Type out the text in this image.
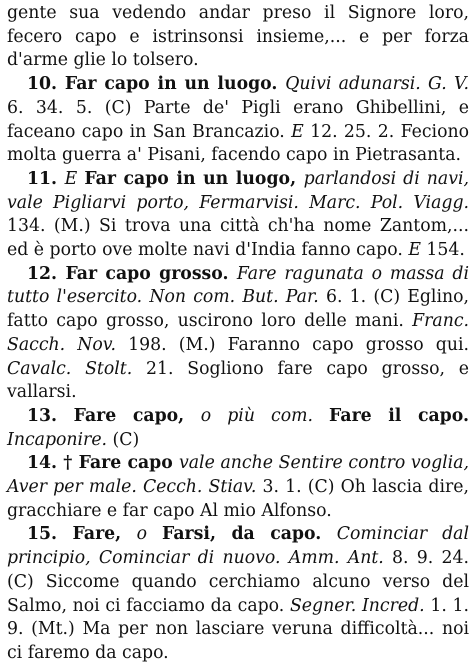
gente sua vedendo andar preso il Signore loro, fecero capo e istrinsonsi insieme,... e per forza d'arme glie lo tolsero.

10. Far capo in un luogo. Quivi adunarsi. G. V. 6. 34. 5. (C) Parte de' Pigli erano Ghibellini, e faceano capo in San Brancazio. E 12. 25. 2. Feciono molta guerra a' Pisani, facendo capo in Pietrasanta.

11. E Far capo in un luogo, parlandosi di navi, vale Pigliarvi porto, Fermarvisi. Marc. Pol. Viagg. 134. (M.) Si trova una città ch'ha nome Zantom,... ed è porto ove molte navi d'India fanno capo. E 154.

12. Far capo grosso. Fare ragunata o massa di tutto l'esercito. Non com. But. Par. 6. 1. (C) Eglino, fatto capo grosso, uscirono loro delle mani. Franc. Sacch. Nov. 198. (M.) Faranno capo grosso qui. Cavalc. Stolt. 21. Sogliono fare capo grosso, e vallarsi.

13. Fare capo, o più com. Fare il capo. Incaponire. (C)

14. † Fare capo vale anche Sentire contro voglia, Aver per male. Cecch. Stiav. 3. 1. (C) Oh lascia dire, gracchiare e far capo Al mio Alfonso.

15. Fare, o Farsi, da capo. Cominciar dal principio, Cominciar di nuovo. Amm. Ant. 8. 9. 24. (C) Siccome quando cerchiamo alcuno verso del Salmo, noi ci facciamo da capo. Segner. Incred. 1. 1. 9. (Mt.) Ma per non lasciare veruna difficoltà... noi ci faremo da capo.
